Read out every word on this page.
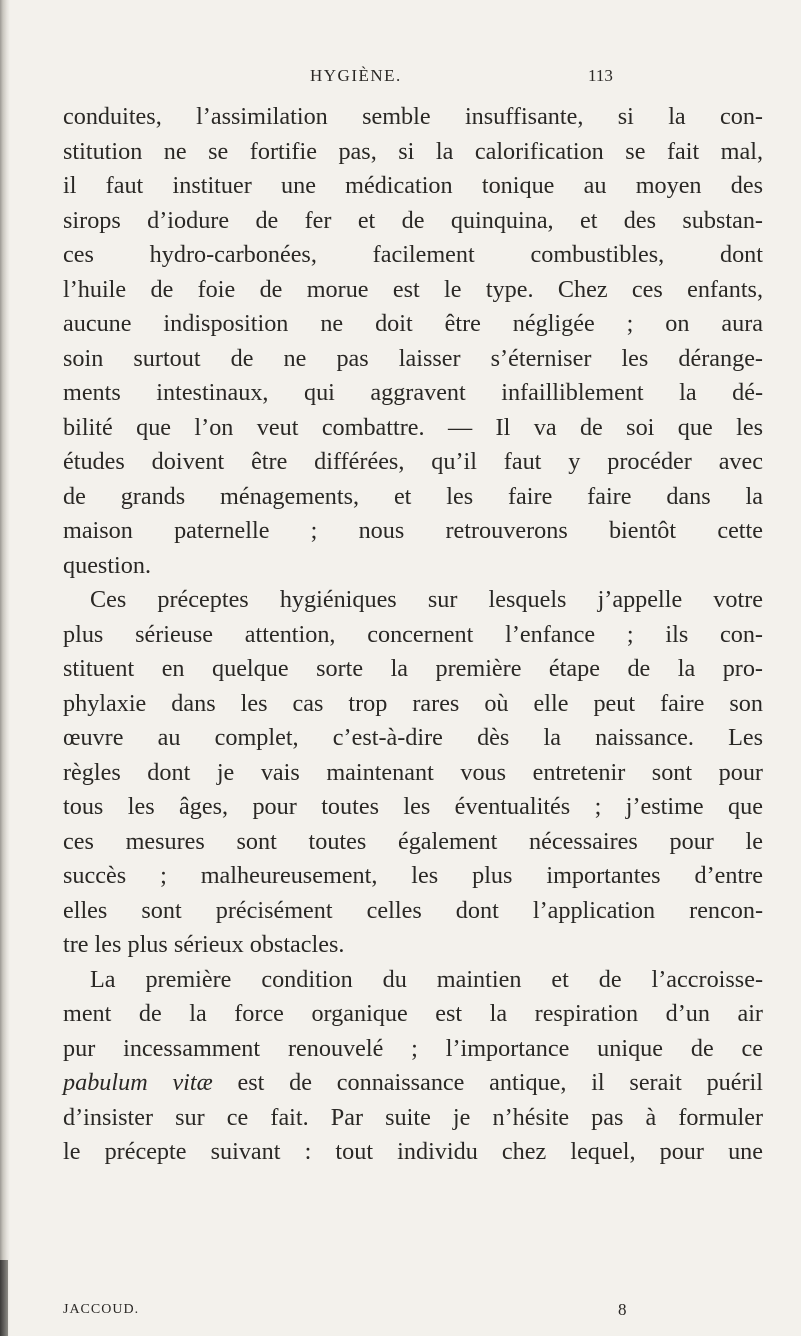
HYGIÈNE.	113
conduites, l’assimilation semble insuffisante, si la con-
stitution ne se fortifie pas, si la calorification se fait mal,
il faut instituer une médication tonique au moyen des
sirops d’iodure de fer et de quinquina, et des substan-
ces hydro-carbonées, facilement combustibles, dont
l’huile de foie de morue est le type. Chez ces enfants,
aucune indisposition ne doit être négligée ; on aura
soin surtout de ne pas laisser s’éterniser les dérange-
ments intestinaux, qui aggravent infailliblement la dé-
bilité que l’on veut combattre. — Il va de soi que les
études doivent être différées, qu’il faut y procéder avec
de grands ménagements, et les faire faire dans la
maison paternelle ; nous retrouverons bientôt cette
question.
Ces préceptes hygiéniques sur lesquels j’appelle votre
plus sérieuse attention, concernent l’enfance ; ils con-
stituent en quelque sorte la première étape de la pro-
phylaxie dans les cas trop rares où elle peut faire son
œuvre au complet, c’est-à-dire dès la naissance. Les
règles dont je vais maintenant vous entretenir sont pour
tous les âges, pour toutes les éventualités ; j’estime que
ces mesures sont toutes également nécessaires pour le
succès ; malheureusement, les plus importantes d’entre
elles sont précisément celles dont l’application rencon-
tre les plus sérieux obstacles.
La première condition du maintien et de l’accroisse-
ment de la force organique est la respiration d’un air
pur incessamment renouvelé ; l’importance unique de ce
pabulum vitæ est de connaissance antique, il serait puéril
d’insister sur ce fait. Par suite je n’hésite pas à formuler
le précepte suivant : tout individu chez lequel, pour une
JACCOUD.	8
